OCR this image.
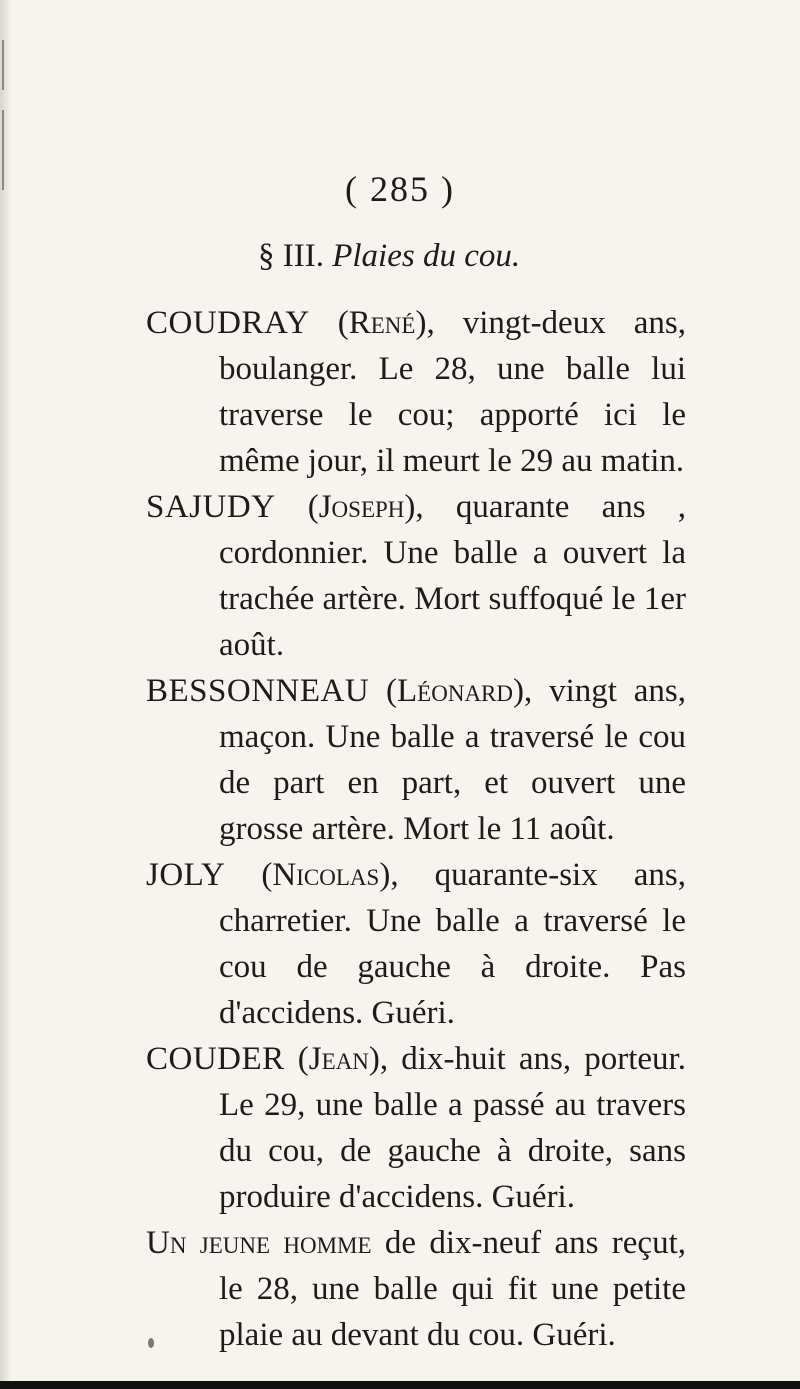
( 285 )
§ III. Plaies du cou.

COUDRAY (René), vingt-deux ans, boulanger. Le 28, une balle lui traverse le cou; apporté ici le même jour, il meurt le 29 au matin.

SAJUDY (Joseph), quarante ans , cordonnier. Une balle a ouvert la trachée artère. Mort suffoqué le 1er août.

BESSONNEAU (Léonard), vingt ans, maçon. Une balle a traversé le cou de part en part, et ouvert une grosse artère. Mort le 11 août.

JOLY (Nicolas), quarante-six ans, charretier. Une balle a traversé le cou de gauche à droite. Pas d'accidens. Guéri.

COUDER (Jean), dix-huit ans, porteur. Le 29, une balle a passé au travers du cou, de gauche à droite, sans produire d'accidens. Guéri.

Un jeune homme de dix-neuf ans reçut, le 28, une balle qui fit une petite plaie au devant du cou. Guéri.
